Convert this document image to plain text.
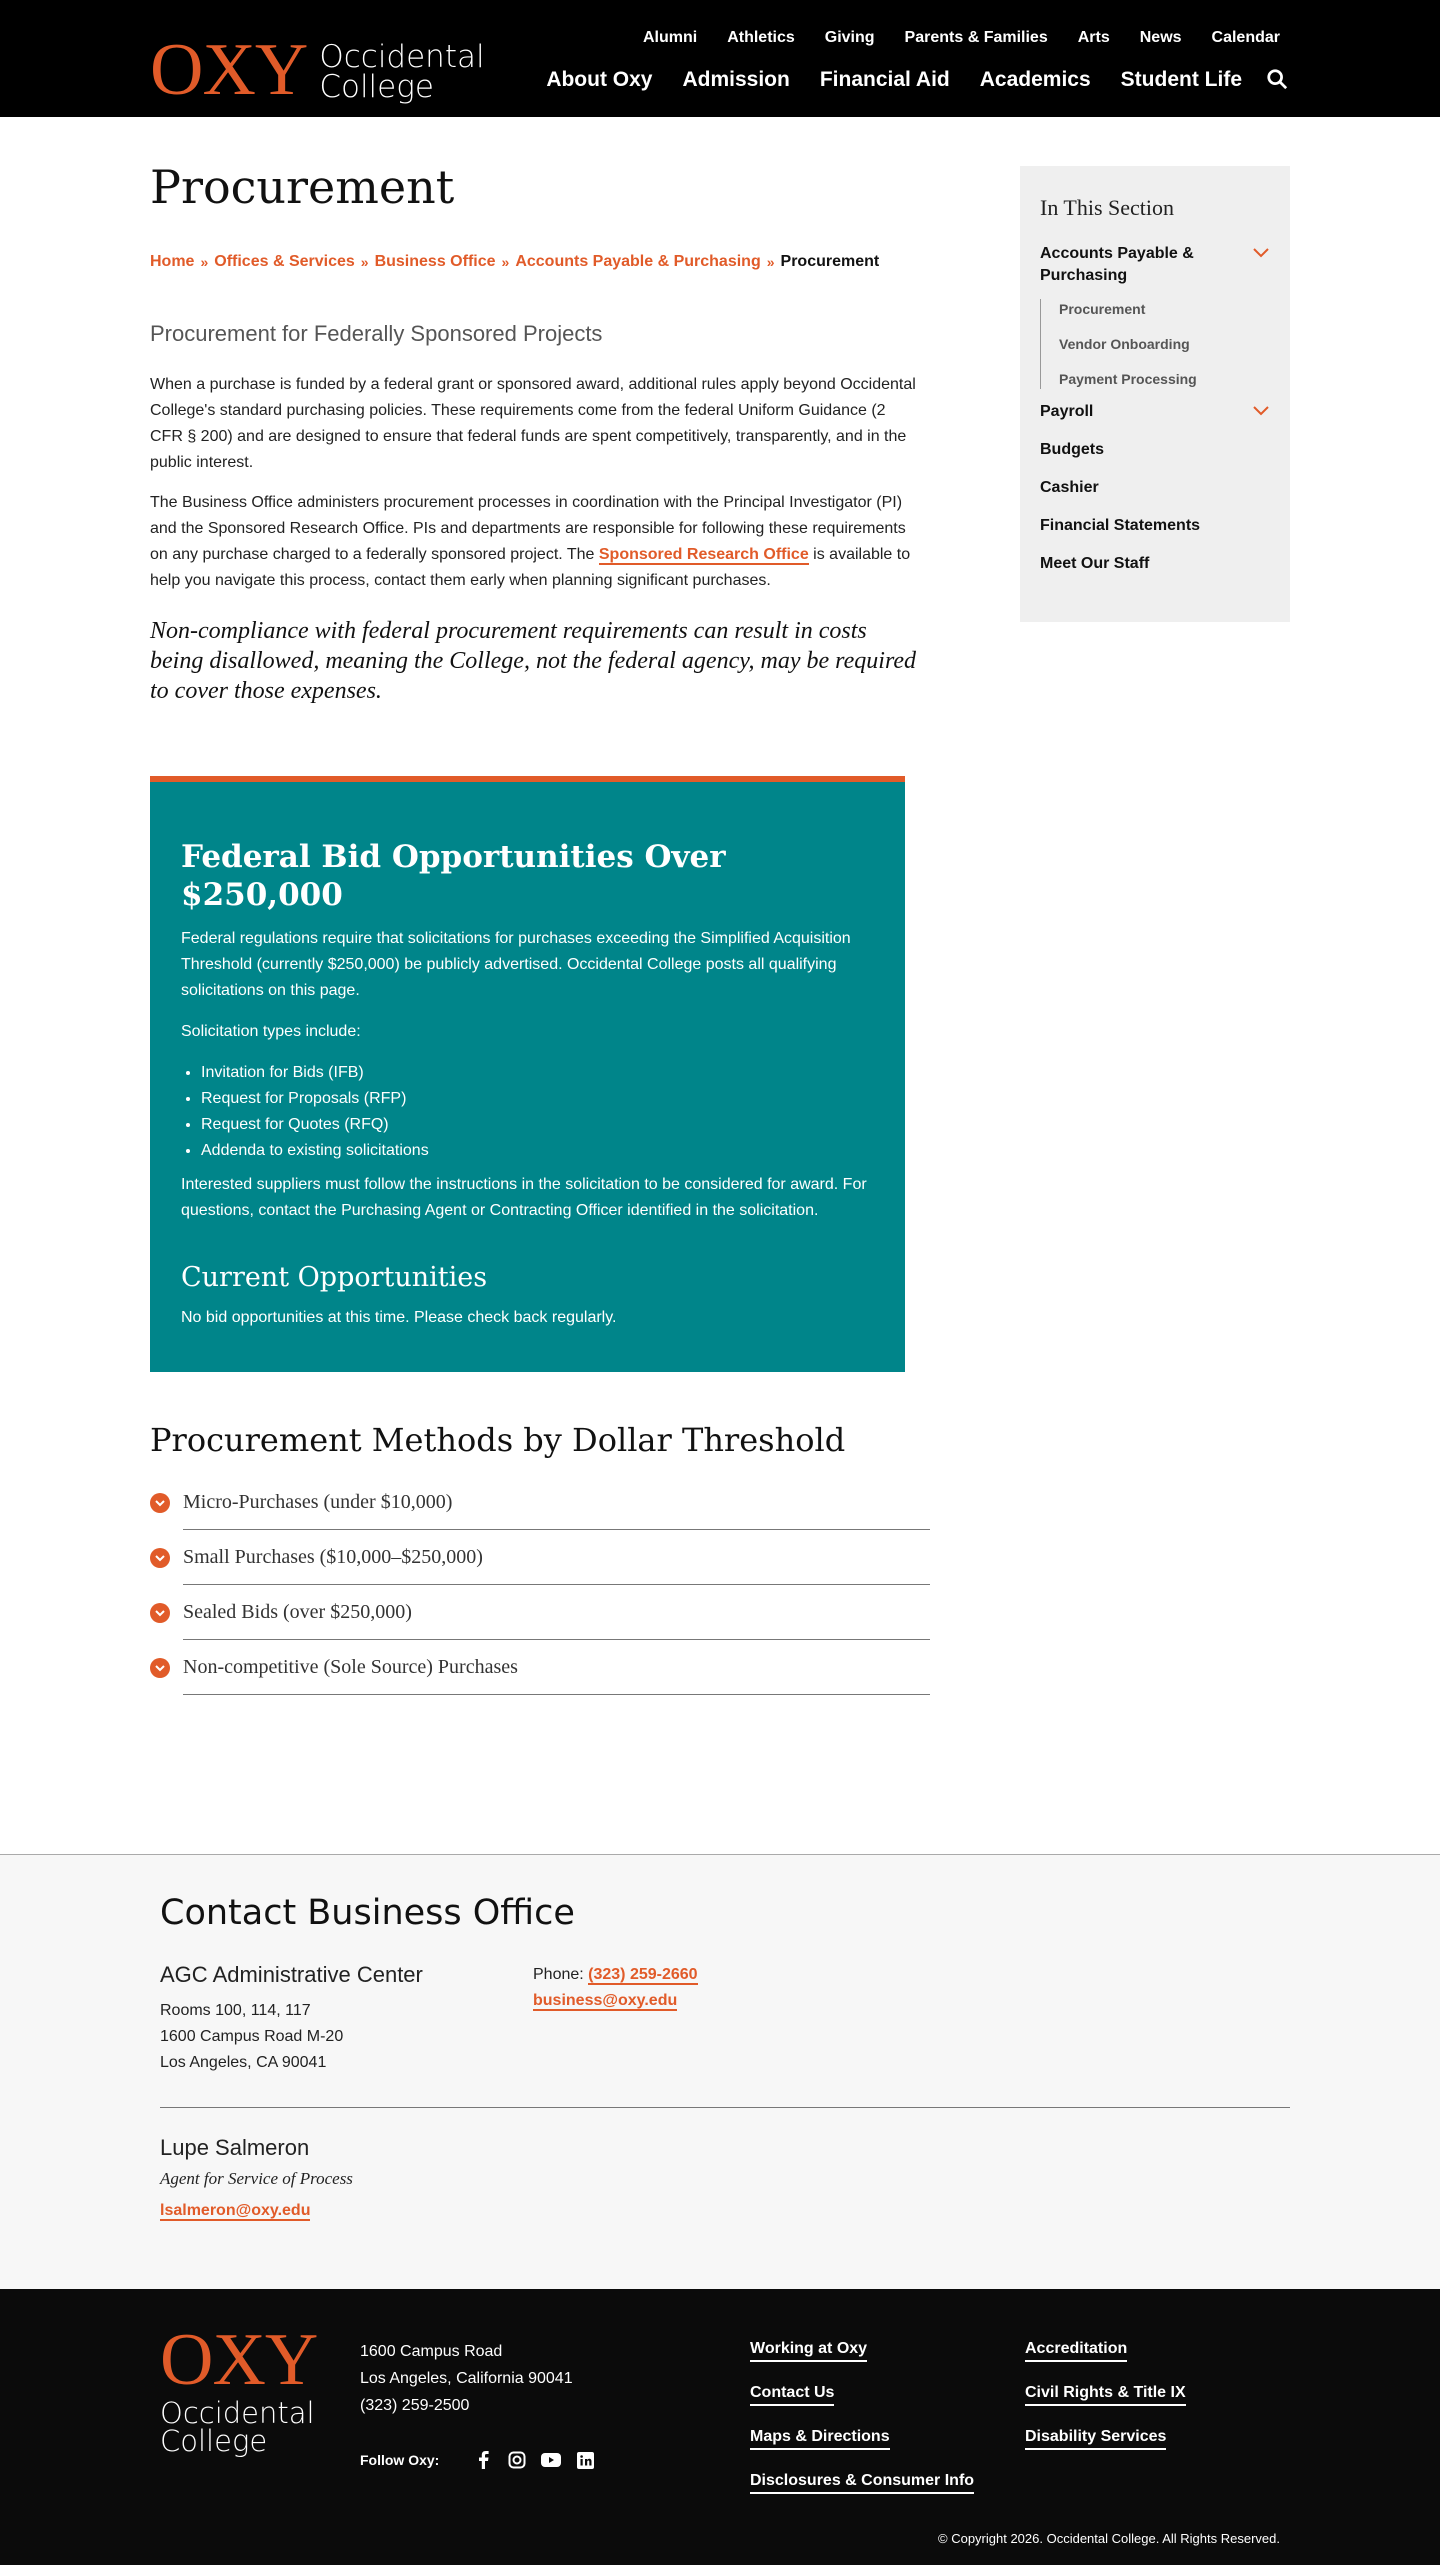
OXY Occidental
College
Alumni Athletics Giving Parents & Families Arts News Calendar
About Oxy Admission Financial Aid Academics Student Life
Procurement
Home » Offices & Services » Business Office » Accounts Payable & Purchasing » Procurement
Procurement for Federally Sponsored Projects

When a purchase is funded by a federal grant or sponsored award, additional rules apply beyond Occidental College's standard purchasing policies. These requirements come from the federal Uniform Guidance (2 CFR § 200) and are designed to ensure that federal funds are spent competitively, transparently, and in the public interest.

The Business Office administers procurement processes in coordination with the Principal Investigator (PI) and the Sponsored Research Office. PIs and departments are responsible for following these requirements on any purchase charged to a federally sponsored project. The Sponsored Research Office is available to help you navigate this process, contact them early when planning significant purchases.

Non-compliance with federal procurement requirements can result in costs being disallowed, meaning the College, not the federal agency, may be required to cover those expenses.
Federal Bid Opportunities Over $250,000

Federal regulations require that solicitations for purchases exceeding the Simplified Acquisition Threshold (currently $250,000) be publicly advertised. Occidental College posts all qualifying solicitations on this page.

Solicitation types include:

• Invitation for Bids (IFB)
• Request for Proposals (RFP)
• Request for Quotes (RFQ)
• Addenda to existing solicitations

Interested suppliers must follow the instructions in the solicitation to be considered for award. For questions, contact the Purchasing Agent or Contracting Officer identified in the solicitation.

Current Opportunities

No bid opportunities at this time. Please check back regularly.

Procurement Methods by Dollar Threshold
Micro-Purchases (under $10,000)
Small Purchases ($10,000–$250,000)
Sealed Bids (over $250,000)
Non-competitive (Sole Source) Purchases
In This Section
Accounts Payable & Purchasing
Procurement
Vendor Onboarding
Payment Processing
Payroll
Budgets
Cashier
Financial Statements
Meet Our Staff
Contact Business Office
AGC Administrative Center
Rooms 100, 114, 117
1600 Campus Road M-20
Los Angeles, CA 90041
Phone: (323) 259-2660
business@oxy.edu
Lupe Salmeron
Agent for Service of Process
lsalmeron@oxy.edu
OXY
Occidental
College
1600 Campus Road
Los Angeles, California 90041
(323) 259-2500
Follow Oxy:
Working at Oxy
Contact Us
Maps & Directions
Disclosures & Consumer Info
Accreditation
Civil Rights & Title IX
Disability Services
© Copyright 2026. Occidental College. All Rights Reserved.
